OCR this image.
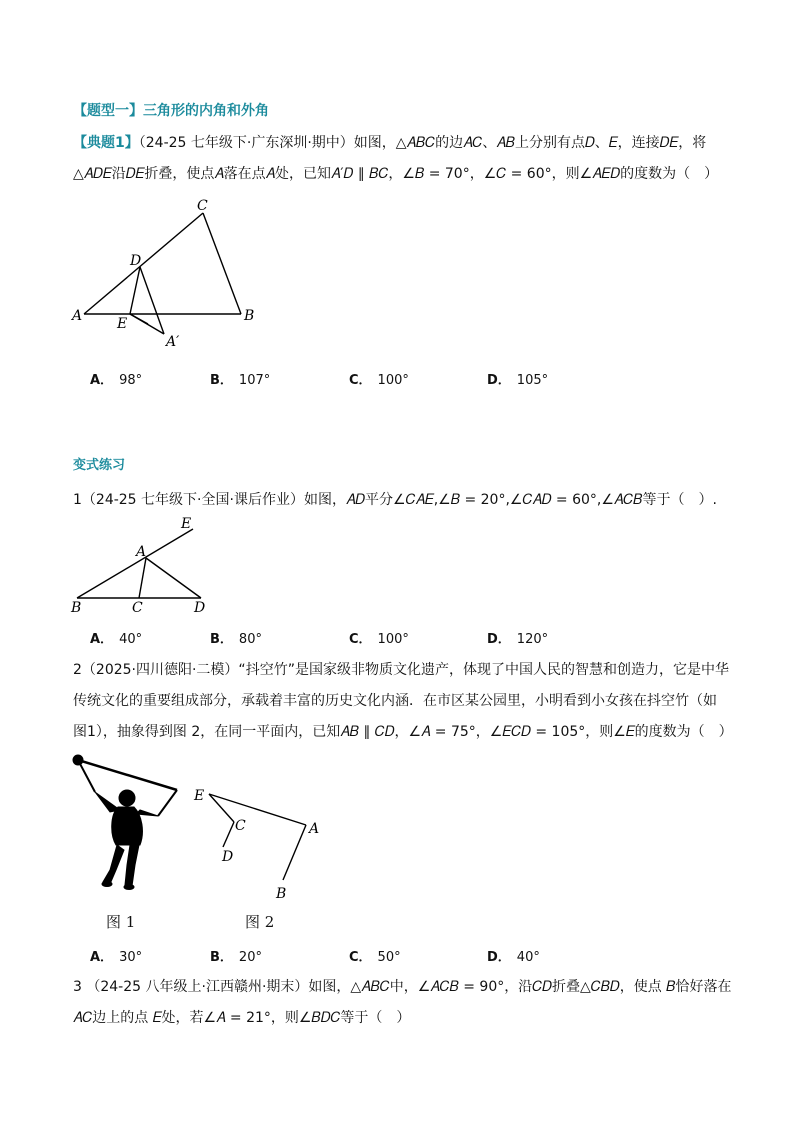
【题型一】三角形的内角和外角
【典题1】（24-25 七年级下·广东深圳·期中）如图，△𝐴𝐵𝐶的边𝐴𝐶、𝐴𝐵上分别有点𝐷、𝐸，连接𝐷𝐸，将
△𝐴𝐷𝐸沿𝐷𝐸折叠，使点𝐴落在点𝐴处，已知𝐴′𝐷 ∥ 𝐵𝐶，∠𝐵 = 70°，∠𝐶 = 60°，则∠𝐴𝐸𝐷的度数为（　）
C
D
A E	B
A′
A． 98°	B． 107°	C． 100°	D． 105°
变式练习
1（24-25 七年级下·全国·课后作业）如图，𝐴𝐷平分∠𝐶𝐴𝐸,∠𝐵 = 20°,∠𝐶𝐴𝐷 = 60°,∠𝐴𝐶𝐵等于（　）.
E
A
B	C	D
A． 40°	B． 80°	C． 100°	D． 120°
2（2025·四川德阳·二模）“抖空竹”是国家级非物质文化遗产，体现了中国人民的智慧和创造力，它是中华
传统文化的重要组成部分，承载着丰富的历史文化内涵．在市区某公园里，小明看到小女孩在抖空竹（如
图1），抽象得到图 2，在同一平面内，已知𝐴𝐵 ∥ 𝐶𝐷，∠𝐴 = 75°，∠𝐸𝐶𝐷 = 105°，则∠𝐸的度数为（　）
E
C
D
A
B
图 1	图 2
A． 30°	B． 20°	C． 50°	D． 40°
3 （24-25 八年级上·江西赣州·期末）如图，△𝐴𝐵𝐶中，∠𝐴𝐶𝐵 = 90°，沿𝐶𝐷折叠△𝐶𝐵𝐷，使点 𝐵恰好落在
𝐴𝐶边上的点 𝐸处，若∠𝐴 = 21°，则∠𝐵𝐷𝐶等于（　）
